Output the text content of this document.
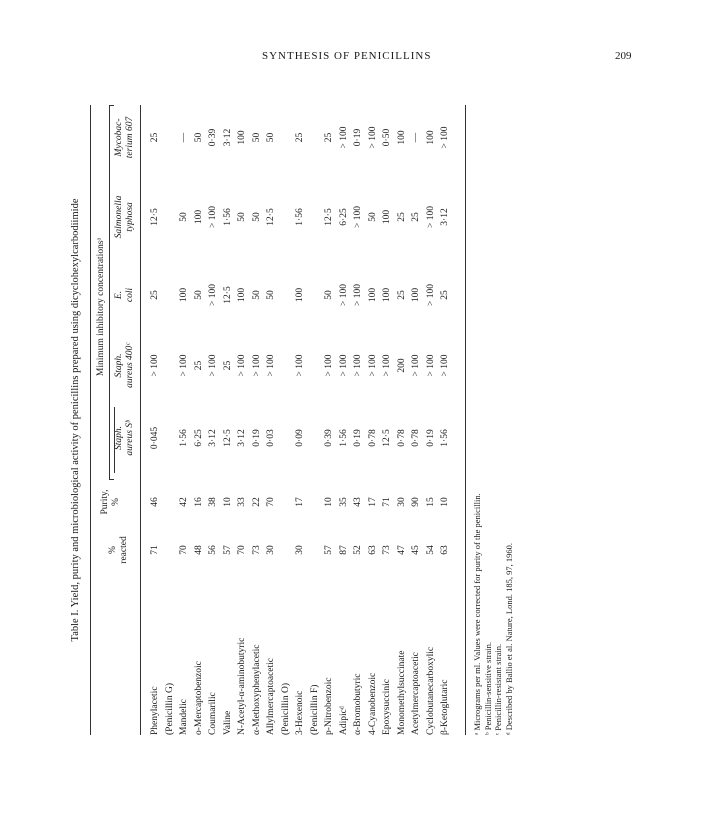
SYNTHESIS OF PENICILLINS	209
Table I. Yield, purity and microbiological activity of penicillins prepared using dicyclohexylcarbodiimide Minimum inhibitory concentrationsᵃ
% reacted
Purity, %
Staph. aureus Sᵇ
Staph. aureus 400ᶜ
E. coli
Salmonella typhosa
Mycobac- terium 607
Phenylacetic
71
46
0·045
> 100
25
12·5
25
(Penicillin G) Mandelic
70
42
1·56
> 100
100
50
—
o-Mercaptobenzoic
48
16
6·25
25
50
100
50
Coumarilic
56
38
3·12
> 100
> 100
> 100
0·39
Valine
57
10
12·5
25
12·5
1·56
3·12
N-Acetyl-α-aminobutyric
70
33
3·12
> 100
100
50
100
α-Methoxyphenylacetic
73
22
0·19
> 100
50
50
50
Allylmercaptoacetic
30
70
0·03
> 100
50
12·5
50
(Penicillin O) 3-Hexenoic
30
17
0·09
> 100
100
1·56
25
(Penicillin F) p-Nitrobenzoic
57
10
0·39
> 100
50
12·5
25
Adipicᵈ
87
35
1·56
> 100
> 100
6·25
> 100
α-Bromobutyric
52
43
0·19
> 100
> 100
> 100
0·19
4-Cyanobenzoic
63
17
0·78
> 100
100
50
> 100
Epoxysuccinic
73
71
12·5
> 100
100
100
0·50
Monomethylsuccinate
47
30
0·78
200
25
25
100
Acetylmercaptoacetic
45
90
0·78
> 100
100
25
—
Cyclobutanecarboxylic
54
15
0·19
> 100
> 100
> 100
100
β-Ketoglutaric
63
10
1·56
> 100
25
3·12
> 100
ᵃ Micrograms per ml. Values were corrected for purity of the penicillin. ᵇ Penicillin-sensitive strain. ᶜ Penicillin-resistant strain. ᵈ Described by Ballio et al. Nature, Lond. 185, 97, 1960.
